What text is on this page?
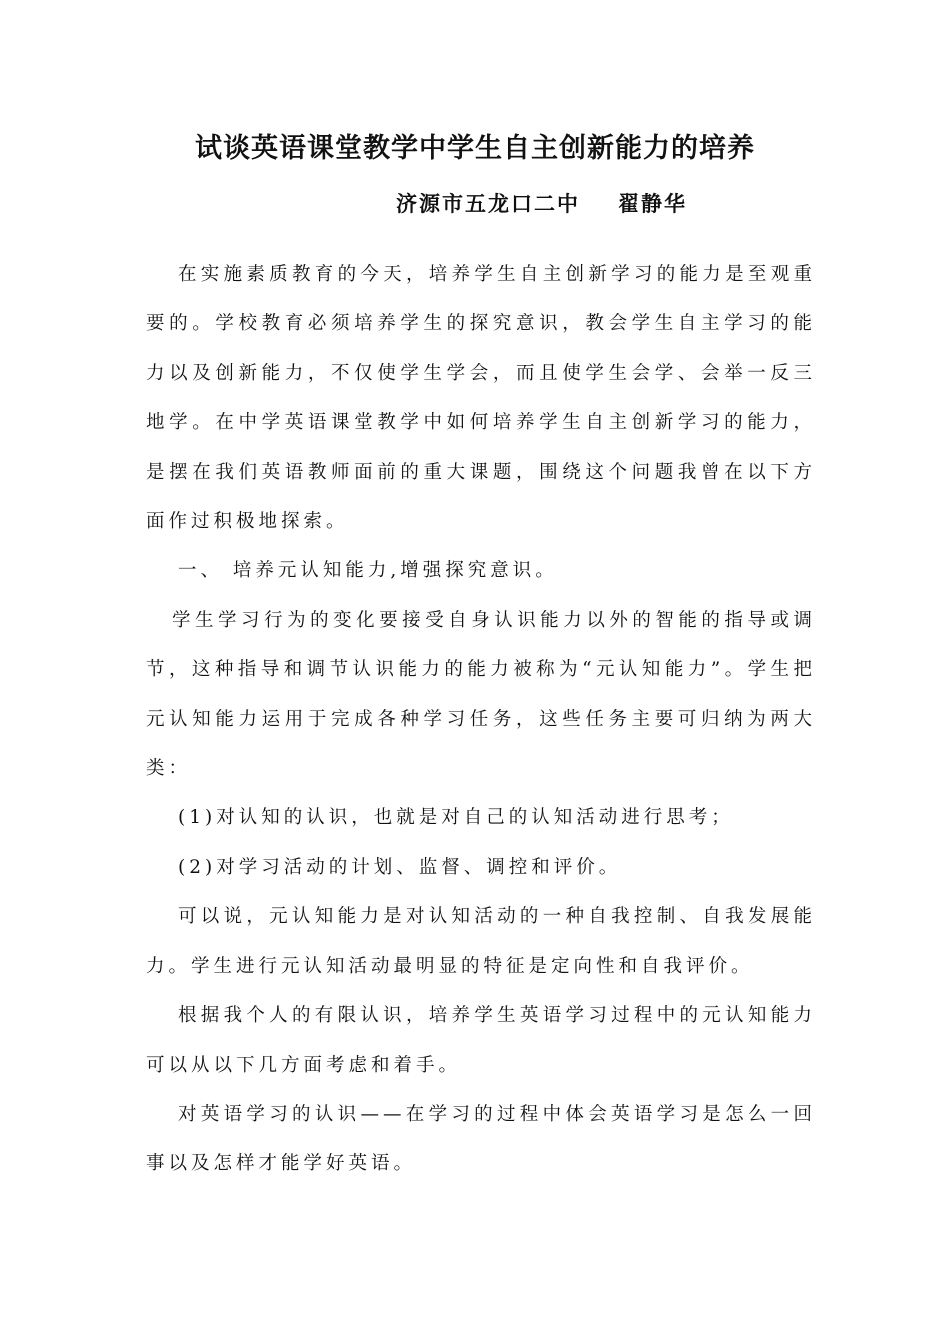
试谈英语课堂教学中学生自主创新能力的培养
济源市五龙口二中 翟静华

在实施素质教育的今天，培养学生自主创新学习的能力是至观重要的。学校教育必须培养学生的探究意识，教会学生自主学习的能力以及创新能力，不仅使学生学会，而且使学生会学、会举一反三地学。在中学英语课堂教学中如何培养学生自主创新学习的能力，是摆在我们英语教师面前的重大课题，围绕这个问题我曾在以下方面作过积极地探索。

一、 培养元认知能力,增强探究意识。

学生学习行为的变化要接受自身认识能力以外的智能的指导或调节，这种指导和调节认识能力的能力被称为“元认知能力”。学生把元认知能力运用于完成各种学习任务，这些任务主要可归纳为两大类：

(1)对认知的认识，也就是对自己的认知活动进行思考；

(2)对学习活动的计划、监督、调控和评价。

可以说，元认知能力是对认知活动的一种自我控制、自我发展能力。学生进行元认知活动最明显的特征是定向性和自我评价。

根据我个人的有限认识，培养学生英语学习过程中的元认知能力可以从以下几方面考虑和着手。

对英语学习的认识——在学习的过程中体会英语学习是怎么一回事以及怎样才能学好英语。
